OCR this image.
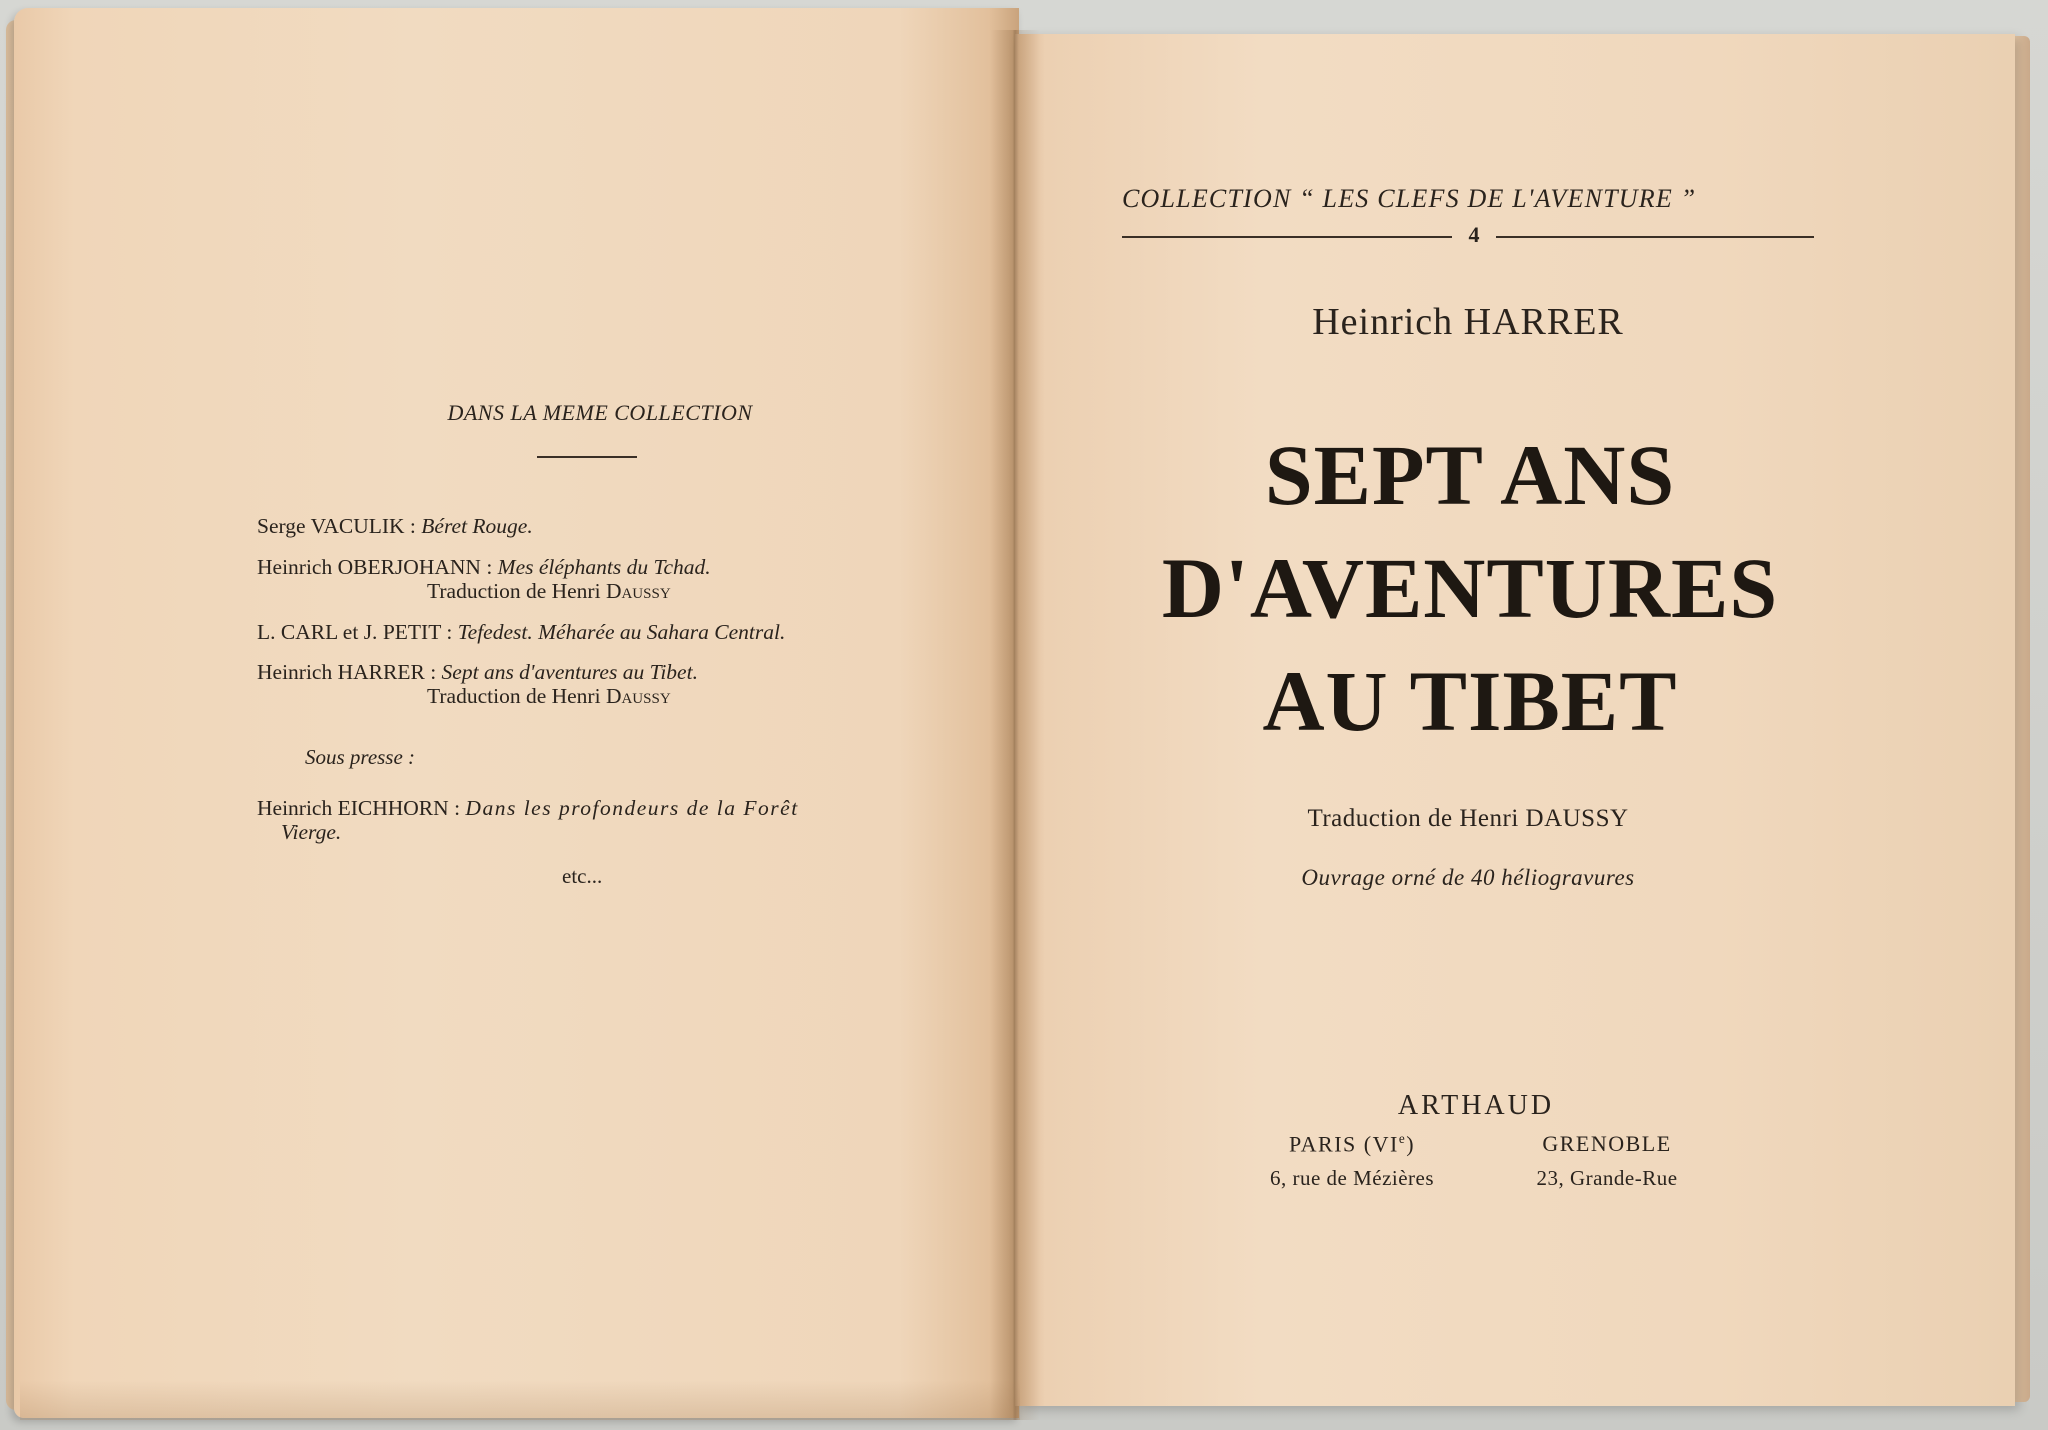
DANS LA MEME COLLECTION
Serge VACULIK : Béret Rouge.
Heinrich OBERJOHANN : Mes éléphants du Tchad.
Traduction de Henri Daussy
L. CARL et J. PETIT : Tefedest. Méharée au Sahara Central.
Heinrich HARRER : Sept ans d'aventures au Tibet.
Traduction de Henri Daussy
Sous presse :
Heinrich EICHHORN : Dans les profondeurs de la Forêt
Vierge.
etc...
COLLECTION “ LES CLEFS DE L'AVENTURE ”
4
Heinrich HARRER
SEPT ANS
D'AVENTURES
AU TIBET
Traduction de Henri DAUSSY
Ouvrage orné de 40 héliogravures
ARTHAUD
PARIS (VIe)	GRENOBLE
6, rue de Mézières	23, Grande-Rue
